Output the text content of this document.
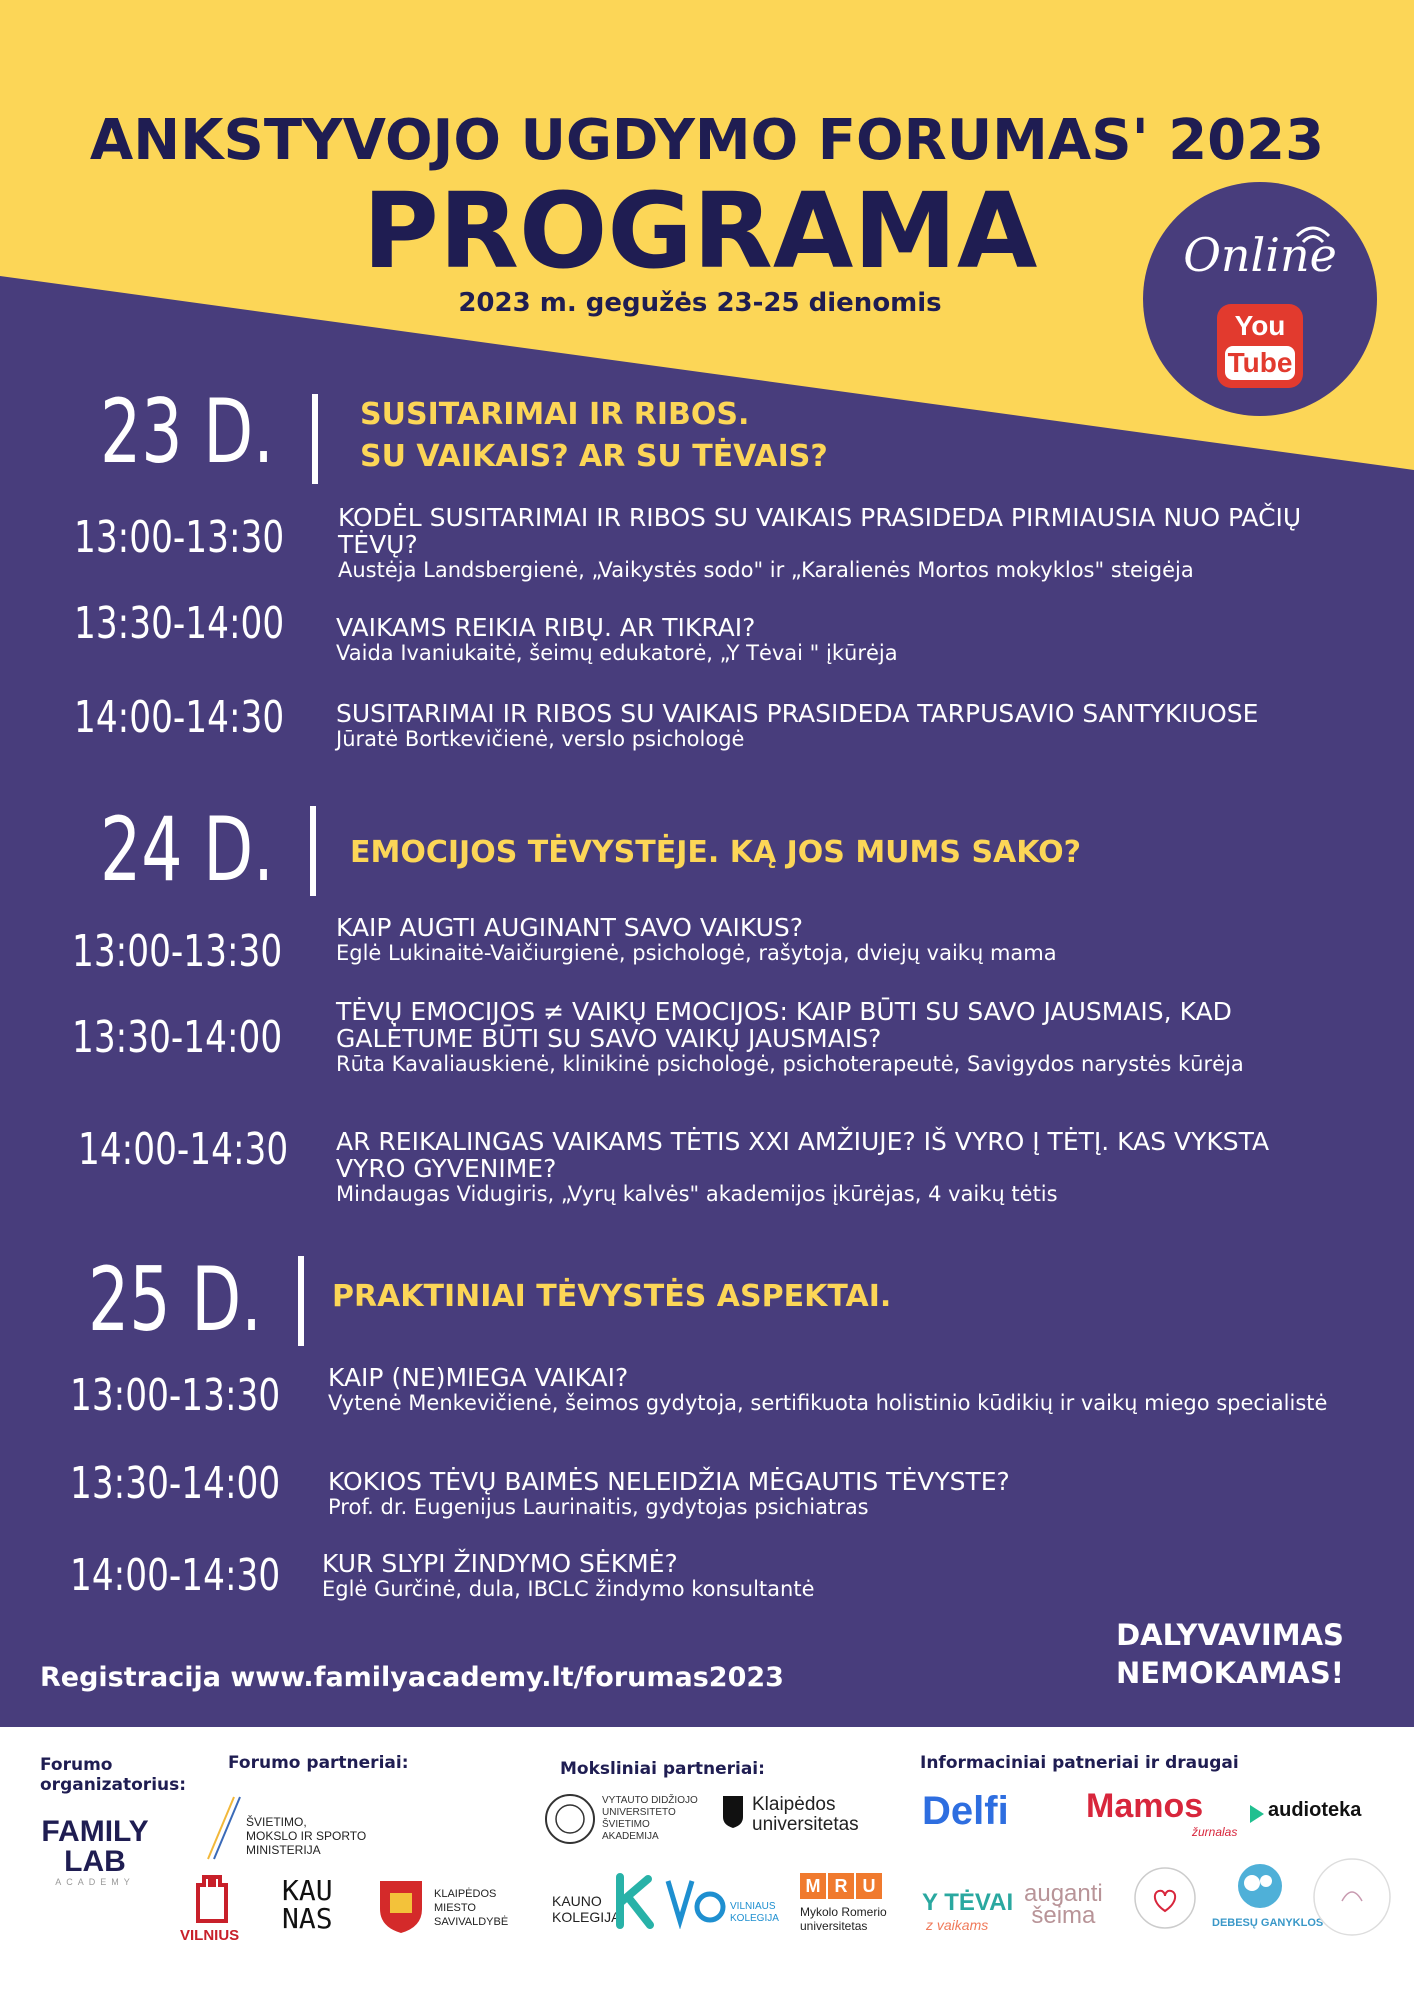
ANKSTYVOJO UGDYMO FORUMAS' 2023
PROGRAMA
2023 m. gegužės 23-25 dienomis
Online
You
Tube
23 D.	SUSITARIMAI IR RIBOS.
SU VAIKAIS? AR SU TĖVAIS?
13:00-13:30 KODĖL SUSITARIMAI IR RIBOS SU VAIKAIS PRASIDEDA PIRMIAUSIA NUO PAČIŲ TĖVŲ?
Austėja Landsbergienė, „Vaikystės sodo" ir „Karalienės Mortos mokyklos" steigėja
13:30-14:00 VAIKAMS REIKIA RIBŲ. AR TIKRAI?
Vaida Ivaniukaitė, šeimų edukatorė, „Y Tėvai " įkūrėja
14:00-14:30 SUSITARIMAI IR RIBOS SU VAIKAIS PRASIDEDA TARPUSAVIO SANTYKIUOSE
Jūratė Bortkevičienė, verslo psichologė
24 D.	EMOCIJOS TĖVYSTĖJE. KĄ JOS MUMS SAKO?
13:00-13:30 KAIP AUGTI AUGINANT SAVO VAIKUS?
Eglė Lukinaitė-Vaičiurgienė, psichologė, rašytoja, dviejų vaikų mama
13:30-14:00
TĖVŲ EMOCIJOS ≠ VAIKŲ EMOCIJOS: KAIP BŪTI SU SAVO JAUSMAIS, KAD GALĖTUME BŪTI SU SAVO VAIKŲ JAUSMAIS?
Rūta Kavaliauskienė, klinikinė psichologė, psichoterapeutė, Savigydos narystės kūrėja
14:00-14:30 AR REIKALINGAS VAIKAMS TĖTIS XXI AMŽIUJE? IŠ VYRO Į TĖTĮ. KAS VYKSTA VYRO GYVENIME?
Mindaugas Vidugiris, „Vyrų kalvės" akademijos įkūrėjas, 4 vaikų tėtis
25 D. PRAKTINIAI TĖVYSTĖS ASPEKTAI.
13:00-13:30 KAIP (NE)MIEGA VAIKAI?
Vytenė Menkevičienė, šeimos gydytoja, sertifikuota holistinio kūdikių ir vaikų miego specialistė
13:30-14:00 KOKIOS TĖVŲ BAIMĖS NELEIDŽIA MĖGAUTIS TĖVYSTE?
Prof. dr. Eugenijus Laurinaitis, gydytojas psichiatras
14:00-14:30 KUR SLYPI ŽINDYMO SĖKMĖ?
Eglė Gurčinė, dula, IBCLC žindymo konsultantė
DALYVAVIMAS
NEMOKAMAS!
Registracija www.familyacademy.lt/forumas2023
Forumo
organizatorius:
Forumo partneriai:	Moksliniai partneriai:	Informaciniai patneriai ir draugai
FAMILY
LAB
ACADEMY
ŠVIETIMO,
MOKSLO IR SPORTO
MINISTERIJA
VILNIUS
KAU NAS
KLAIPĖDOS
MIESTO
SAVIVALDYBĖ
VYTAUTO DIDŽIOJO
UNIVERSITETO
ŠVIETIMO
AKADEMIJA
Klaipėdos
universitetas
KAUNO
KOLEGIJA
VILNIAUS
KOLEGIJA
M R U
Mykolo Romerio
universitetas
Delfi Mamos
žurnalas
audioteka
Y TĖVAI
z vaikams
auganti
šeima	DEBESŲ GANYKLOS
